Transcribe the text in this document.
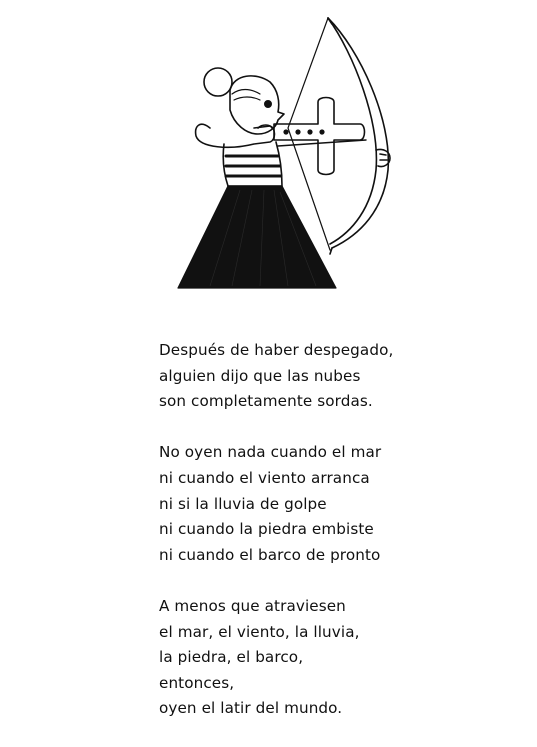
Después de haber despegado,
alguien dijo que las nubes
son completamente sordas.

No oyen nada cuando el mar
ni cuando el viento arranca
ni si la lluvia de golpe
ni cuando la piedra embiste
ni cuando el barco de pronto

A menos que atraviesen
el mar, el viento, la lluvia,
la piedra, el barco,
entonces,
oyen el latir del mundo.
